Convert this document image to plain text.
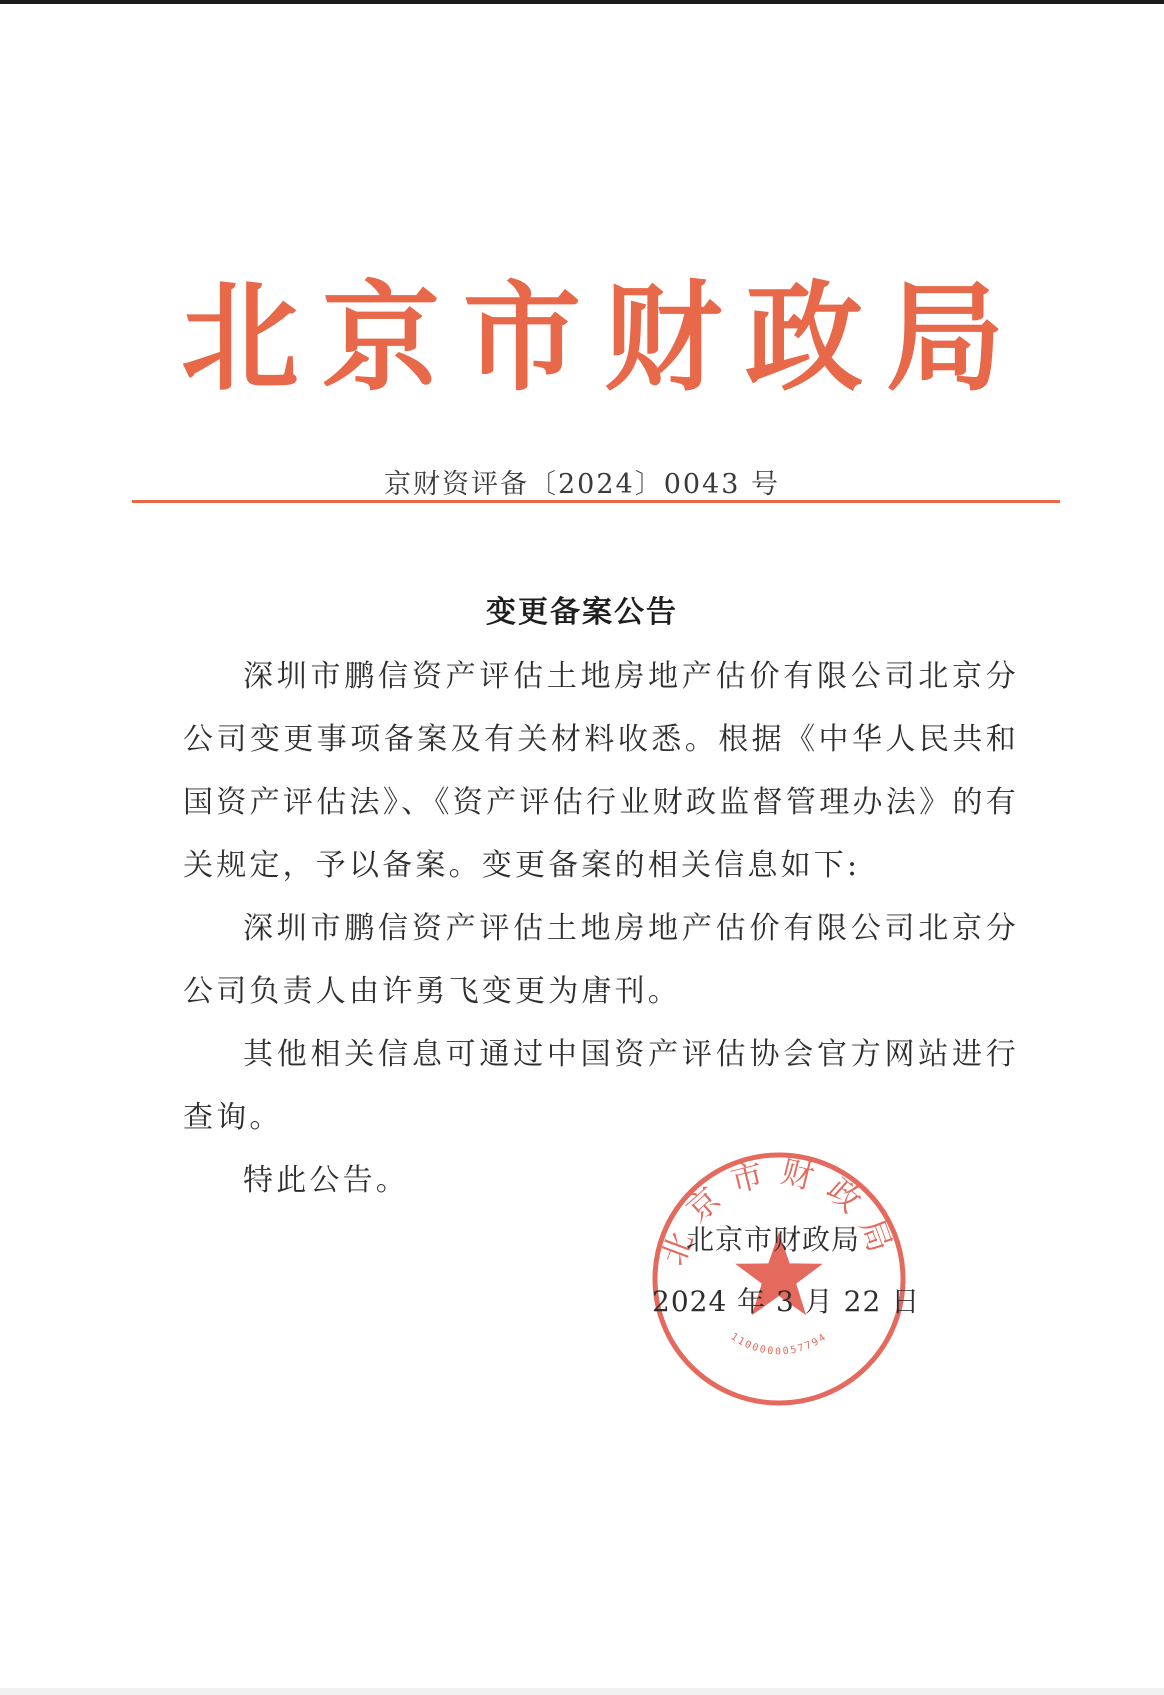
北 京 市 财 政 局
京财资评备〔2024〕0043 号
变更备案公告

深圳市鹏信资产评估土地房地产估价有限公司北京分公司变更事项备案及有关材料收悉。根据《中华人民共和国资产评估法》、《资产评估行业财政监督管理办法》的有关规定，予以备案。变更备案的相关信息如下:

深圳市鹏信资产评估土地房地产估价有限公司北京分公司负责人由许勇飞变更为唐刊。

其他相关信息可通过中国资产评估协会官方网站进行查询。

特此公告。

北京市财政局
1100000057794
北京市财政局
2024 年 3 月 22 日
